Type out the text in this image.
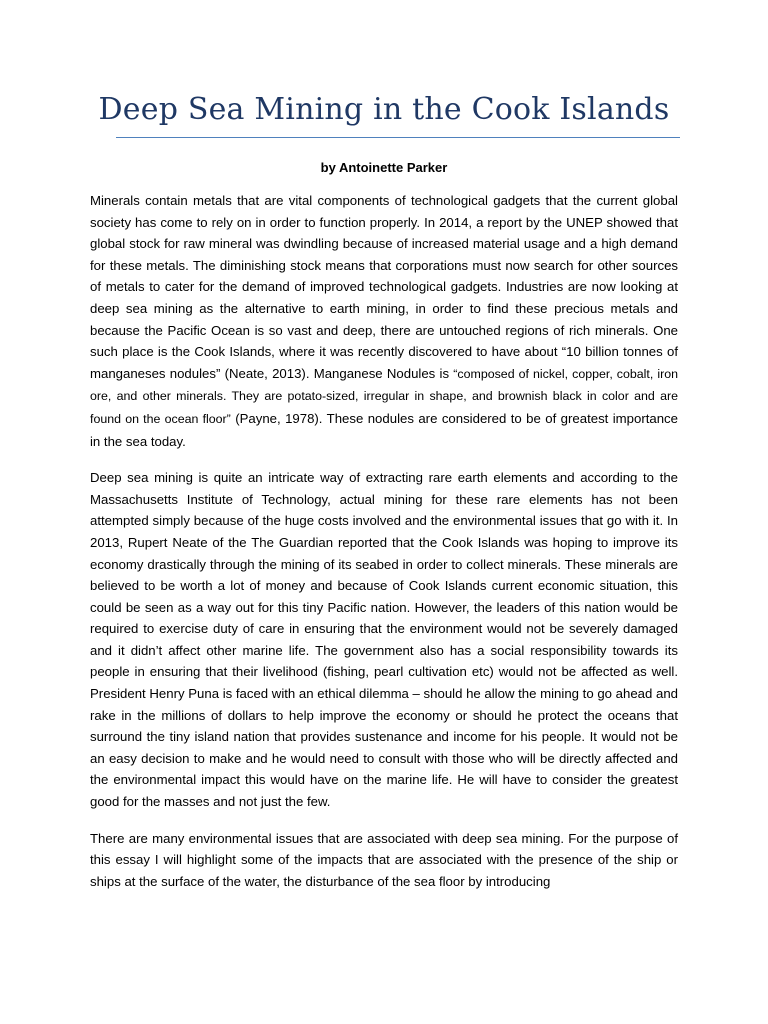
Deep Sea Mining in the Cook Islands
by Antoinette Parker

Minerals contain metals that are vital components of technological gadgets that the current global society has come to rely on in order to function properly. In 2014, a report by the UNEP showed that global stock for raw mineral was dwindling because of increased material usage and a high demand for these metals. The diminishing stock means that corporations must now search for other sources of metals to cater for the demand of improved technological gadgets. Industries are now looking at deep sea mining as the alternative to earth mining, in order to find these precious metals and because the Pacific Ocean is so vast and deep, there are untouched regions of rich minerals. One such place is the Cook Islands, where it was recently discovered to have about “10 billion tonnes of manganeses nodules” (Neate, 2013). Manganese Nodules is “composed of nickel, copper, cobalt, iron ore, and other minerals. They are potato-sized, irregular in shape, and brownish black in color and are found on the ocean floor” (Payne, 1978). These nodules are considered to be of greatest importance in the sea today.

Deep sea mining is quite an intricate way of extracting rare earth elements and according to the Massachusetts Institute of Technology, actual mining for these rare elements has not been attempted simply because of the huge costs involved and the environmental issues that go with it. In 2013, Rupert Neate of the The Guardian reported that the Cook Islands was hoping to improve its economy drastically through the mining of its seabed in order to collect minerals. These minerals are believed to be worth a lot of money and because of Cook Islands current economic situation, this could be seen as a way out for this tiny Pacific nation. However, the leaders of this nation would be required to exercise duty of care in ensuring that the environment would not be severely damaged and it didn’t affect other marine life. The government also has a social responsibility towards its people in ensuring that their livelihood (fishing, pearl cultivation etc) would not be affected as well. President Henry Puna is faced with an ethical dilemma – should he allow the mining to go ahead and rake in the millions of dollars to help improve the economy or should he protect the oceans that surround the tiny island nation that provides sustenance and income for his people. It would not be an easy decision to make and he would need to consult with those who will be directly affected and the environmental impact this would have on the marine life. He will have to consider the greatest good for the masses and not just the few.

There are many environmental issues that are associated with deep sea mining. For the purpose of this essay I will highlight some of the impacts that are associated with the presence of the ship or ships at the surface of the water, the disturbance of the sea floor by introducing
